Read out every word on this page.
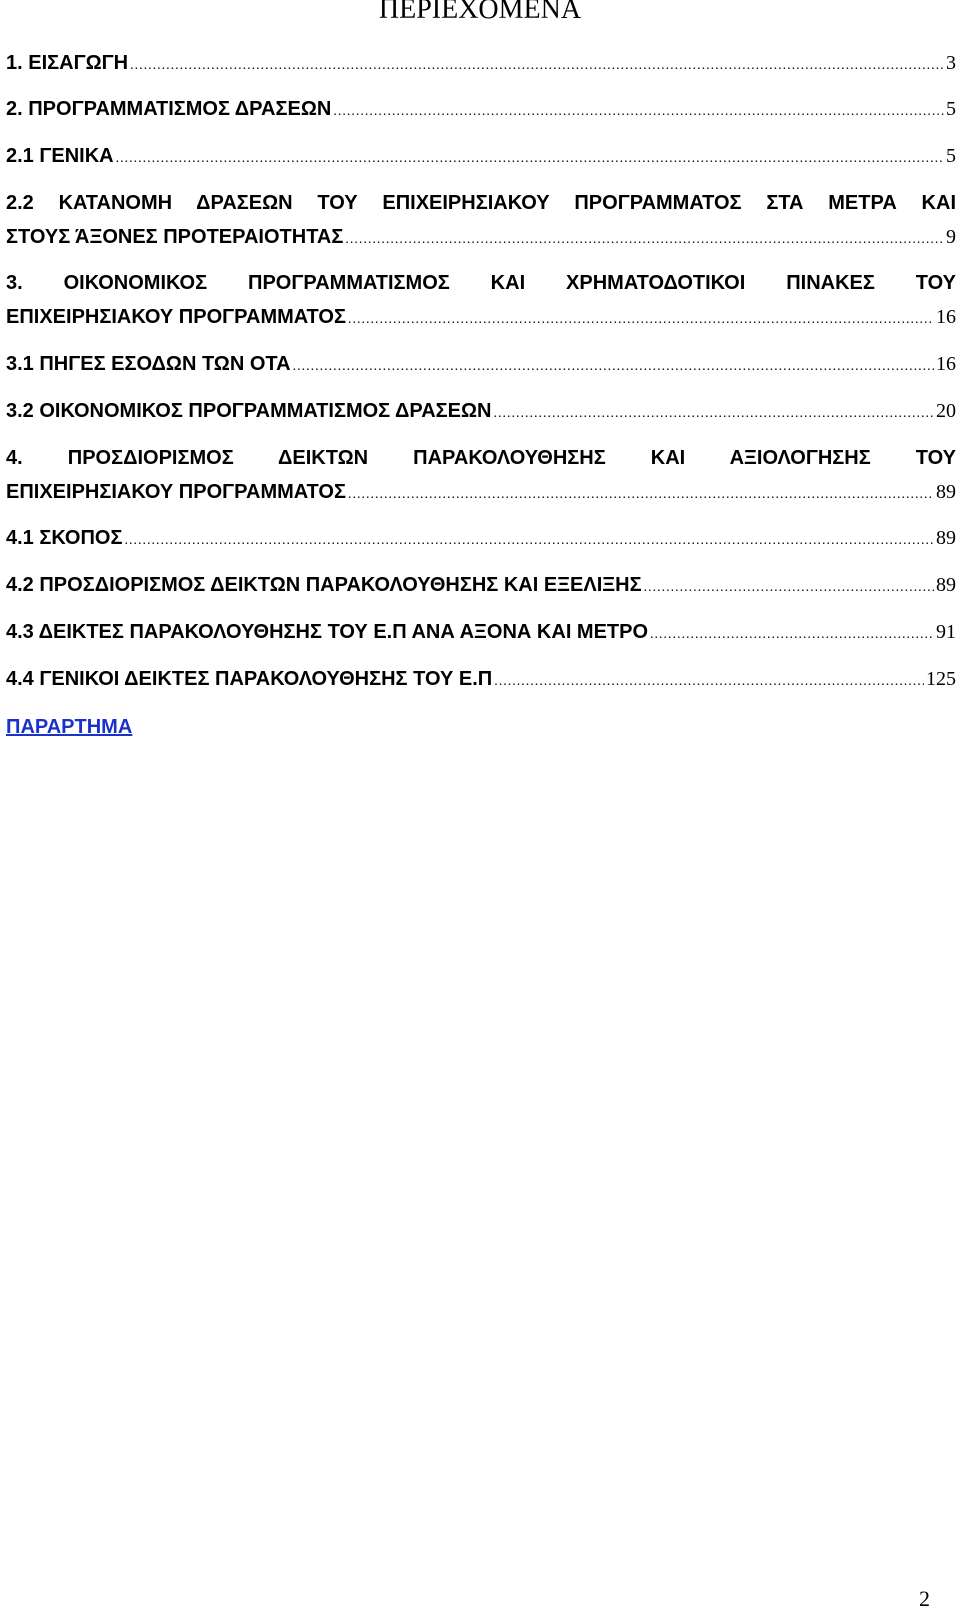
ΠΕΡΙΕΧΟΜΕΝΑ
1. ΕΙΣΑΓΩΓΗ .....	3
2. ΠΡΟΓΡΑΜΜΑΤΙΣΜΟΣ ΔΡΑΣΕΩΝ .....	5
2.1 ΓΕΝΙΚΑ .....	5
2.2 ΚΑΤΑΝΟΜΗ ΔΡΑΣΕΩΝ ΤΟΥ ΕΠΙΧΕΙΡΗΣΙΑΚΟΥ ΠΡΟΓΡΑΜΜΑΤΟΣ ΣΤΑ ΜΕΤΡΑ ΚΑΙ
ΣΤΟΥΣ ΆΞΟΝΕΣ ΠΡΟΤΕΡΑΙΟΤΗΤΑΣ .....	9
3. ΟΙΚΟΝΟΜΙΚΟΣ ΠΡΟΓΡΑΜΜΑΤΙΣΜΟΣ ΚΑΙ ΧΡΗΜΑΤΟΔΟΤΙΚΟΙ ΠΙΝΑΚΕΣ ΤΟΥ
ΕΠΙΧΕΙΡΗΣΙΑΚΟΥ ΠΡΟΓΡΑΜΜΑΤΟΣ .....	16
3.1 ΠΗΓΕΣ ΕΣΟΔΩΝ ΤΩΝ ΟΤΑ .....	16
3.2 ΟΙΚΟΝΟΜΙΚΟΣ ΠΡΟΓΡΑΜΜΑΤΙΣΜΟΣ ΔΡΑΣΕΩΝ .....	20
4. ΠΡΟΣΔΙΟΡΙΣΜΟΣ ΔΕΙΚΤΩΝ ΠΑΡΑΚΟΛΟΥΘΗΣΗΣ ΚΑΙ ΑΞΙΟΛΟΓΗΣΗΣ ΤΟΥ
ΕΠΙΧΕΙΡΗΣΙΑΚΟΥ ΠΡΟΓΡΑΜΜΑΤΟΣ .....	89
4.1 ΣΚΟΠΟΣ .....	89
4.2 ΠΡΟΣΔΙΟΡΙΣΜΟΣ ΔΕΙΚΤΩΝ ΠΑΡΑΚΟΛΟΥΘΗΣΗΣ ΚΑΙ ΕΞΕΛΙΞΗΣ .....	89
4.3 ΔΕΙΚΤΕΣ ΠΑΡΑΚΟΛΟΥΘΗΣΗΣ ΤΟΥ Ε.Π ΑΝΑ ΑΞΟΝΑ ΚΑΙ ΜΕΤΡΟ .....	91
4.4 ΓΕΝΙΚΟΙ ΔΕΙΚΤΕΣ ΠΑΡΑΚΟΛΟΥΘΗΣΗΣ ΤΟΥ Ε.Π .....	125
ΠΑΡΑΡΤΗΜΑ
2
